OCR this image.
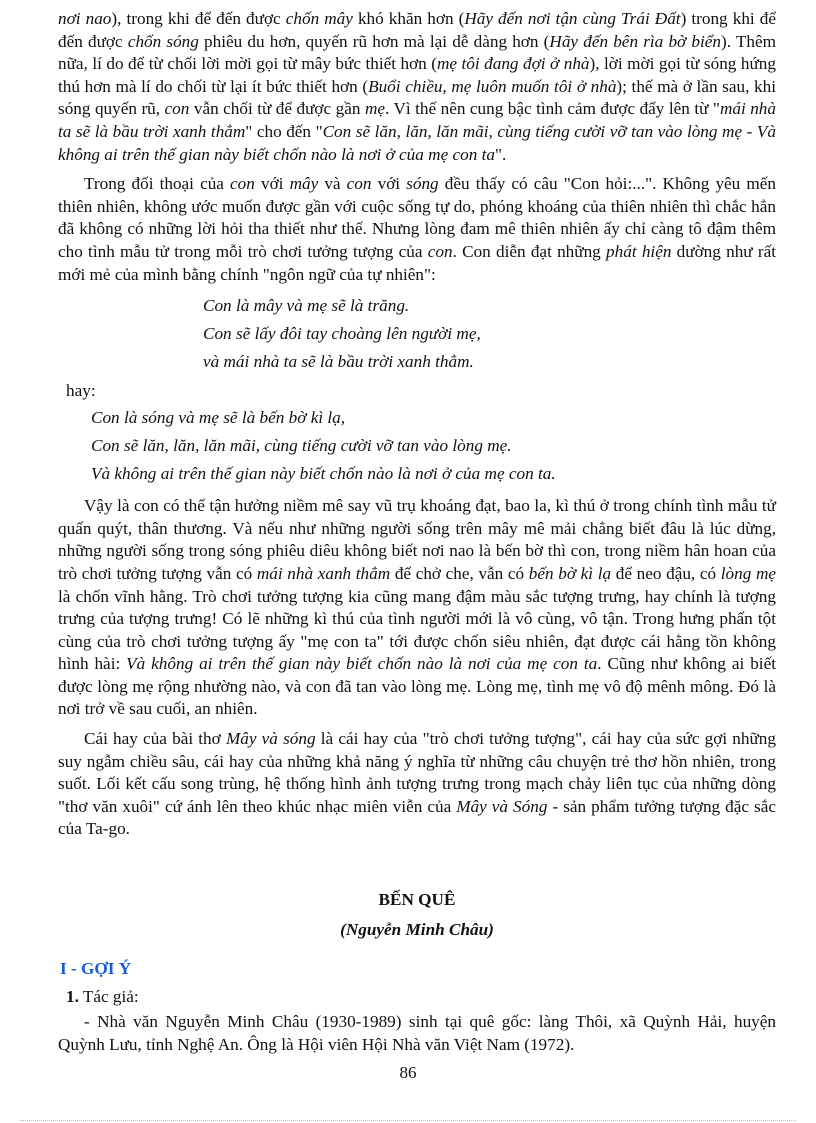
nơi nao), trong khi để đến được chốn mây khó khăn hơn (Hãy đến nơi tận cùng Trái Đất) trong khi để đến được chốn sóng phiêu du hơn, quyến rũ hơn mà lại dễ dàng hơn (Hãy đến bên rìa bờ biển). Thêm nữa, lí do để từ chối lời mời gọi từ mây bức thiết hơn (mẹ tôi đang đợi ở nhà), lời mời gọi từ sóng hứng thú hơn mà lí do chối từ lại ít bức thiết hơn (Buổi chiều, mẹ luôn muốn tôi ở nhà); thế mà ở lần sau, khi sóng quyến rũ, con vẫn chối từ để được gần mẹ. Vì thế nên cung bậc tình cảm được đẩy lên từ "mái nhà ta sẽ là bầu trời xanh thẳm" cho đến "Con sẽ lăn, lăn, lăn mãi, cùng tiếng cười vỡ tan vào lòng mẹ - Và không ai trên thế gian này biết chốn nào là nơi ở của mẹ con ta".

Trong đối thoại của con với mây và con với sóng đều thấy có câu "Con hỏi:...". Không yêu mến thiên nhiên, không ước muốn được gần với cuộc sống tự do, phóng khoáng của thiên nhiên thì chắc hẳn đã không có những lời hỏi tha thiết như thế. Nhưng lòng đam mê thiên nhiên ấy chỉ càng tô đậm thêm cho tình mẫu tử trong mỗi trò chơi tưởng tượng của con. Con diễn đạt những phát hiện dường như rất mới mẻ của mình bằng chính "ngôn ngữ của tự nhiên":

Con là mây và mẹ sẽ là trăng.
Con sẽ lấy đôi tay choàng lên người mẹ,
và mái nhà ta sẽ là bầu trời xanh thẳm.
hay:
Con là sóng và mẹ sẽ là bến bờ kì lạ,
Con sẽ lăn, lăn, lăn mãi, cùng tiếng cười vỡ tan vào lòng mẹ.
Và không ai trên thế gian này biết chốn nào là nơi ở của mẹ con ta.

Vậy là con có thể tận hưởng niềm mê say vũ trụ khoáng đạt, bao la, kì thú ở trong chính tình mẫu tử quấn quýt, thân thương. Và nếu như những người sống trên mây mê mải chẳng biết đâu là lúc dừng, những người sống trong sóng phiêu diêu không biết nơi nao là bến bờ thì con, trong niềm hân hoan của trò chơi tưởng tượng vẫn có mái nhà xanh thẳm để chở che, vẫn có bến bờ kì lạ để neo đậu, có lòng mẹ là chốn vĩnh hằng. Trò chơi tưởng tượng kia cũng mang đậm màu sắc tượng trưng, hay chính là tượng trưng của tượng trưng! Có lẽ những kì thú của tình người mới là vô cùng, vô tận. Trong hưng phấn tột cùng của trò chơi tưởng tượng ấy "mẹ con ta" tới được chốn siêu nhiên, đạt được cái hằng tồn không hình hài: Và không ai trên thế gian này biết chốn nào là nơi của mẹ con ta. Cũng như không ai biết được lòng mẹ rộng nhường nào, và con đã tan vào lòng mẹ. Lòng mẹ, tình mẹ vô độ mênh mông. Đó là nơi trở về sau cuối, an nhiên.

Cái hay của bài thơ Mây và sóng là cái hay của "trò chơi tưởng tượng", cái hay của sức gợi những suy ngẫm chiều sâu, cái hay của những khả năng ý nghĩa từ những câu chuyện trẻ thơ hồn nhiên, trong suốt. Lối kết cấu song trùng, hệ thống hình ảnh tượng trưng trong mạch chảy liên tục của những dòng "thơ văn xuôi" cứ ánh lên theo khúc nhạc miên viễn của Mây và Sóng - sản phẩm tưởng tượng đặc sắc của Ta-go.

BẾN QUÊ
(Nguyễn Minh Châu)
I - GỢI Ý
1. Tác giả:

- Nhà văn Nguyễn Minh Châu (1930-1989) sinh tại quê gốc: làng Thôi, xã Quỳnh Hải, huyện Quỳnh Lưu, tỉnh Nghệ An. Ông là Hội viên Hội Nhà văn Việt Nam (1972).

86
